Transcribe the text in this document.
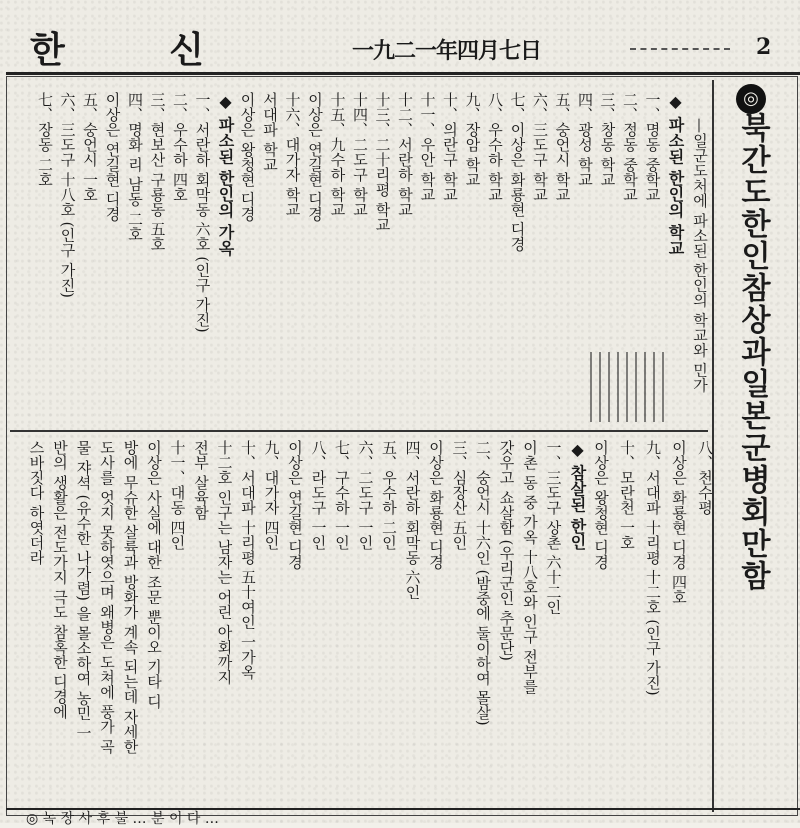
한 신	一九二一年四月七日	2
◎
북간도한인참상과일본군병회만함
—일군도처에 파소된 한인의 학교와 민가
◆ 파소된 한인의 학교
一、명동 중학교
二、정동 중학교
三、창동 학교
四、광성 학교
五、숭언시 학교
六、三도구 학교
七、이상은 화룡현 디경
八、우수하 학교
九、장암 학교
十、의란구 학교
十一、우안 학교
十二、서란하 학교
十三、二十리평 학교
十四、二도구 학교
十五、九수하 학교
이상은 연길현 디경
十六、대가자 학교
서대파 학교
이상은 왕청현 디경
◆ 파소된 한인의 가옥
一、서란하 회막동 六호 (인구 가진)
二、우수하 四호
三、현보산 구룡동 五호
四、명화 리 남동 二호
이상은 연길현 디경
五、숭언시 一호
六、三도구 十八호 (인구 가진)
七、장동 二호
八、천수평
이상은 화룡현 디경 四호
九、서대파 十리평 十二호 (인구 가진)
十、모란천 一호
이상은 왕청현 디경
◆ 참살된 한인
一、三도구 상촌 六十二인
이촌 동 중 가옥 十八호와 인구 전부를
갓우고 쇼살함 (우리군인 추문단)
二、숭언시 十六인 (밤중에 둘이하여 몰살)
三、심장산 五인
이상은 화룡현 디경
四、서란하 회막동 六인
五、우수하 二인
六、二도구 一인
七、구수하 一인
八、라도구 一인
이상은 연길현 디경
九、대가자 四인
十、서대파 十리평 五十여인 一가옥
十二호 인구는 남자는 어린 아회까지
전부 살육함
十一、대동 四인
이상은 사실에 대한 조문 뿐이오 기타 디
방에 무슈한 살륙과 방화가 계속 되는데 자세한
도사를 엇지 못하엿으며 왜병은 도쳐에 풍가 곡
물 쟈셕 (유수한 나가렴) 을 몰소하여 농민 一
반의 생활은 전도가지 극도 참혹한 디경에
스바짓다 하엿더라
◎ 녹 장 사 후 불 … 분 이 다 …
